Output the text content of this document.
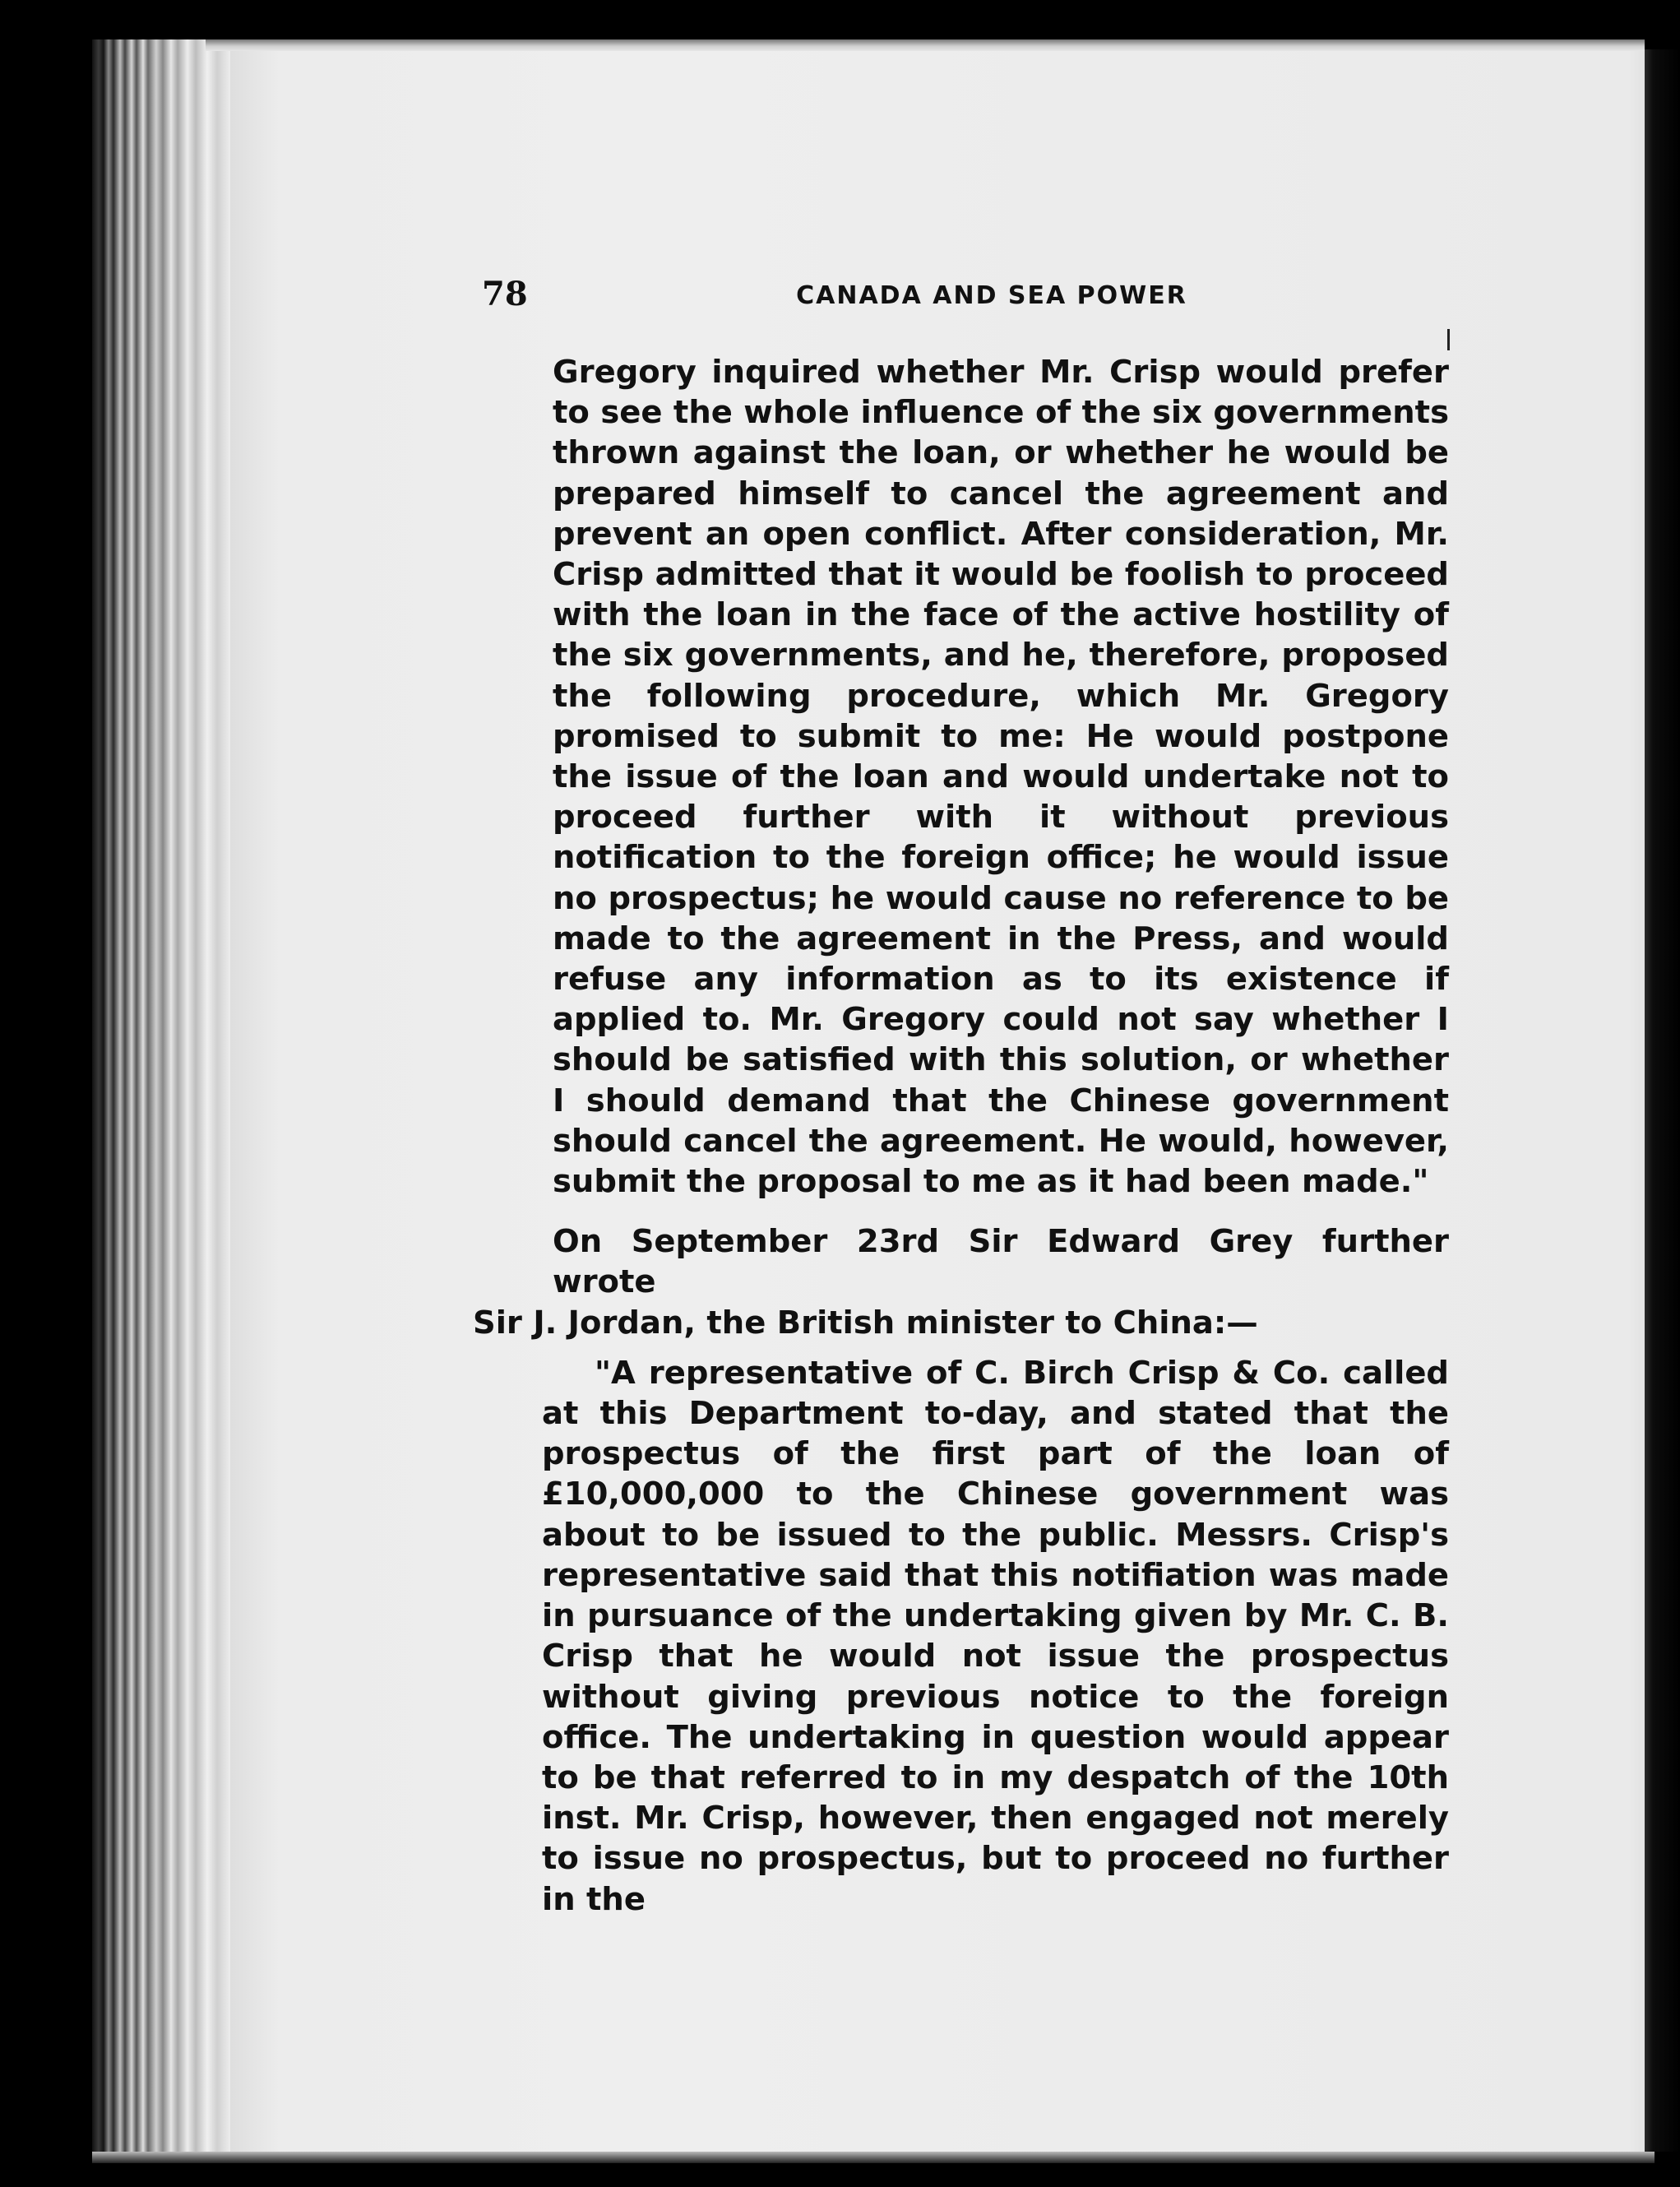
78	CANADA AND SEA POWER

Gregory inquired whether Mr. Crisp would prefer to see the whole influence of the six governments thrown against the loan, or whether he would be prepared himself to cancel the agreement and prevent an open conflict. After consideration, Mr. Crisp admitted that it would be foolish to proceed with the loan in the face of the active hostility of the six governments, and he, therefore, proposed the following procedure, which Mr. Gregory promised to submit to me: He would postpone the issue of the loan and would undertake not to proceed further with it without previous notification to the foreign office; he would issue no prospectus; he would cause no reference to be made to the agreement in the Press, and would refuse any information as to its existence if applied to. Mr. Gregory could not say whether I should be satisfied with this solution, or whether I should demand that the Chinese government should cancel the agreement. He would, however, submit the proposal to me as it had been made."

On September 23rd Sir Edward Grey further wrote
Sir J. Jordan, the British minister to China:—

"A representative of C. Birch Crisp & Co. called at this Department to-day, and stated that the prospectus of the first part of the loan of £10,000,000 to the Chinese government was about to be issued to the public. Messrs. Crisp's representative said that this notifiation was made in pursuance of the undertaking given by Mr. C. B. Crisp that he would not issue the prospectus without giving previous notice to the foreign office. The undertaking in question would appear to be that referred to in my despatch of the 10th inst. Mr. Crisp, however, then engaged not merely to issue no prospectus, but to proceed no further in the
